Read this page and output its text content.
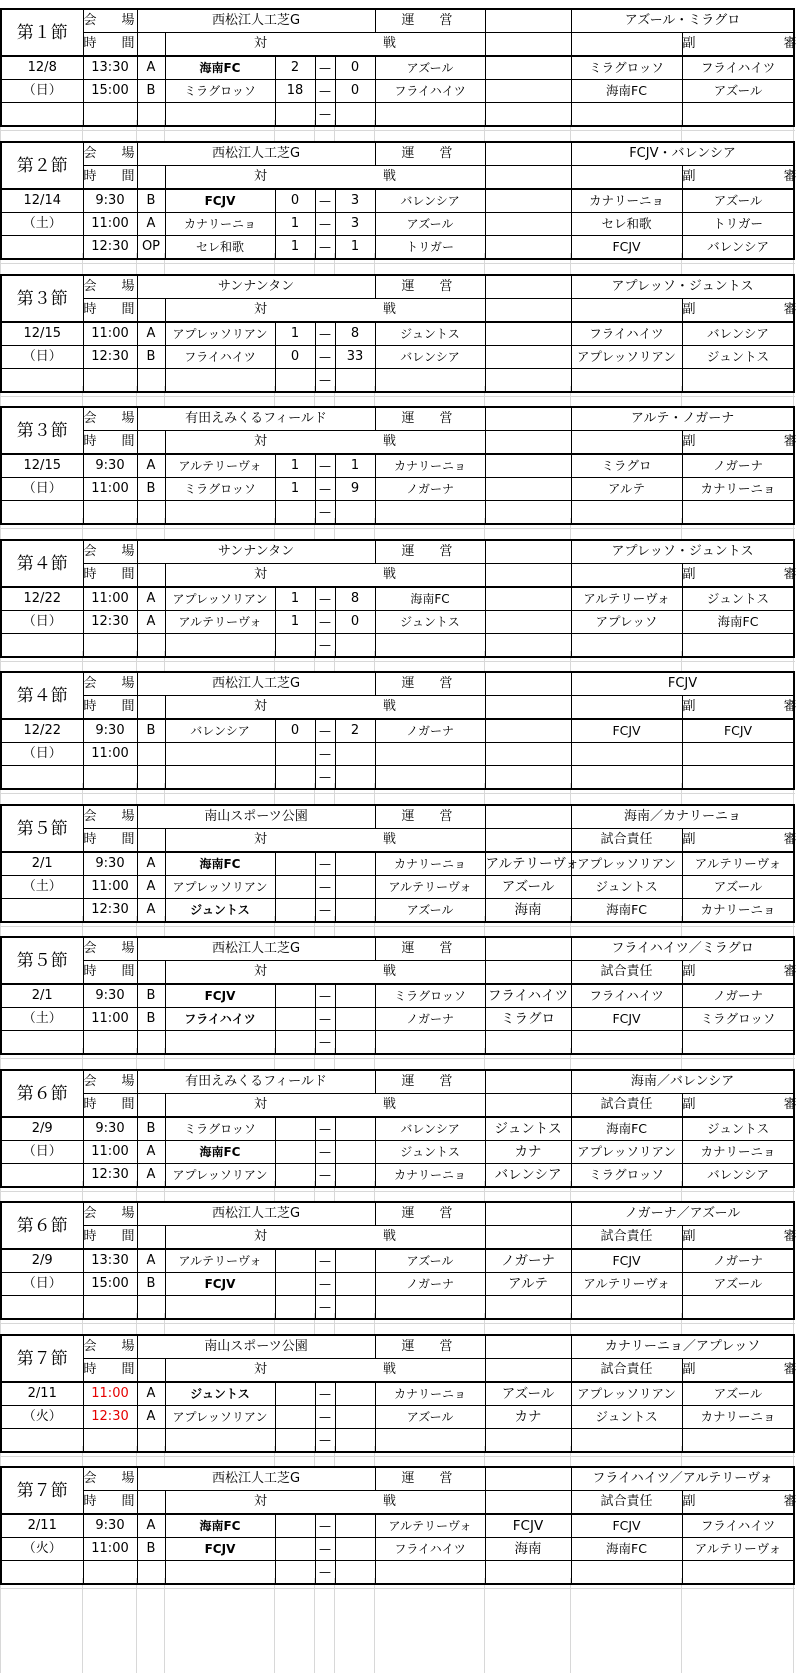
第１節	会　場	西松江人工芝G					運　営		アズール・ミラグロ	
	時　間		対 戦							副 審
12/8	13:30	A	海南FC	2	—	0	アズール		ミラグロッソ	フライハイツ
（日）	15:00	B	ミラグロッソ	18	—	0	フライハイツ		海南FC	アズール
					—					
第２節	会　場	西松江人工芝G					運　営		FCJV・バレンシア	
	時　間		対 戦							副 審
12/14	9:30	B	FCJV	0	—	3	バレンシア		カナリーニョ	アズール
（土）	11:00	A	カナリーニョ	1	—	3	アズール		セレ和歌	トリガー
	12:30	OP	セレ和歌	1	—	1	トリガー		FCJV	バレンシア
第３節	会　場	サンナンタン					運　営		アプレッソ・ジュントス	
	時　間		対 戦							副 審
12/15	11:00	A	アプレッソリアン	1	—	8	ジュントス		フライハイツ	バレンシア
（日）	12:30	B	フライハイツ	0	—	33	バレンシア		アプレッソリアン	ジュントス
					—					
第３節	会　場	有田えみくるフィールド					運　営		アルテ・ノガーナ	
	時　間		対 戦							副 審
12/15	9:30	A	アルテリーヴォ	1	—	1	カナリーニョ		ミラグロ	ノガーナ
（日）	11:00	B	ミラグロッソ	1	—	9	ノガーナ		アルテ	カナリーニョ
					—					
第４節	会　場	サンナンタン					運　営		アプレッソ・ジュントス	
	時　間		対 戦							副 審
12/22	11:00	A	アプレッソリアン	1	—	8	海南FC		アルテリーヴォ	ジュントス
（日）	12:30	A	アルテリーヴォ	1	—	0	ジュントス		アプレッソ	海南FC
					—					
第４節	会　場	西松江人工芝G					運　営		FCJV	
	時　間		対 戦							副 審
12/22	9:30	B	バレンシア	0	—	2	ノガーナ		FCJV	FCJV
（日）	11:00				—					
					—					
第５節	会　場	南山スポーツ公園					運　営		海南／カナリーニョ	
	時　間		対 戦						試合責任	副 審
2/1	9:30	A	海南FC		—		カナリーニョ	アルテリーヴォ	アプレッソリアン	アルテリーヴォ
（土）	11:00	A	アプレッソリアン		—		アルテリーヴォ	アズール	ジュントス	アズール
	12:30	A	ジュントス		—		アズール	海南	海南FC	カナリーニョ
第５節	会　場	西松江人工芝G					運　営		フライハイツ／ミラグロ	
	時　間		対 戦						試合責任	副 審
2/1	9:30	B	FCJV		—		ミラグロッソ	フライハイツ	フライハイツ	ノガーナ
（土）	11:00	B	フライハイツ		—		ノガーナ	ミラグロ	FCJV	ミラグロッソ
					—					
第６節	会　場	有田えみくるフィールド					運　営		海南／バレンシア	
	時　間		対 戦						試合責任	副 審
2/9	9:30	B	ミラグロッソ		—		バレンシア	ジュントス	海南FC	ジュントス
（日）	11:00	A	海南FC		—		ジュントス	カナ	アプレッソリアン	カナリーニョ
	12:30	A	アプレッソリアン		—		カナリーニョ	バレンシア	ミラグロッソ	バレンシア
第６節	会　場	西松江人工芝G					運　営		ノガーナ／アズール	
	時　間		対 戦						試合責任	副 審
2/9	13:30	A	アルテリーヴォ		—		アズール	ノガーナ	FCJV	ノガーナ
（日）	15:00	B	FCJV		—		ノガーナ	アルテ	アルテリーヴォ	アズール
					—					
第７節	会　場	南山スポーツ公園					運　営		カナリーニョ／アプレッソ	
	時　間		対 戦						試合責任	副 審
2/11	11:00	A	ジュントス		—		カナリーニョ	アズール	アプレッソリアン	アズール
（火）	12:30	A	アプレッソリアン		—		アズール	カナ	ジュントス	カナリーニョ
					—					
第７節	会　場	西松江人工芝G					運　営		フライハイツ／アルテリーヴォ	
	時　間		対 戦						試合責任	副 審
2/11	9:30	A	海南FC		—		アルテリーヴォ	FCJV	FCJV	フライハイツ
（火）	11:00	B	FCJV		—		フライハイツ	海南	海南FC	アルテリーヴォ
					—					
